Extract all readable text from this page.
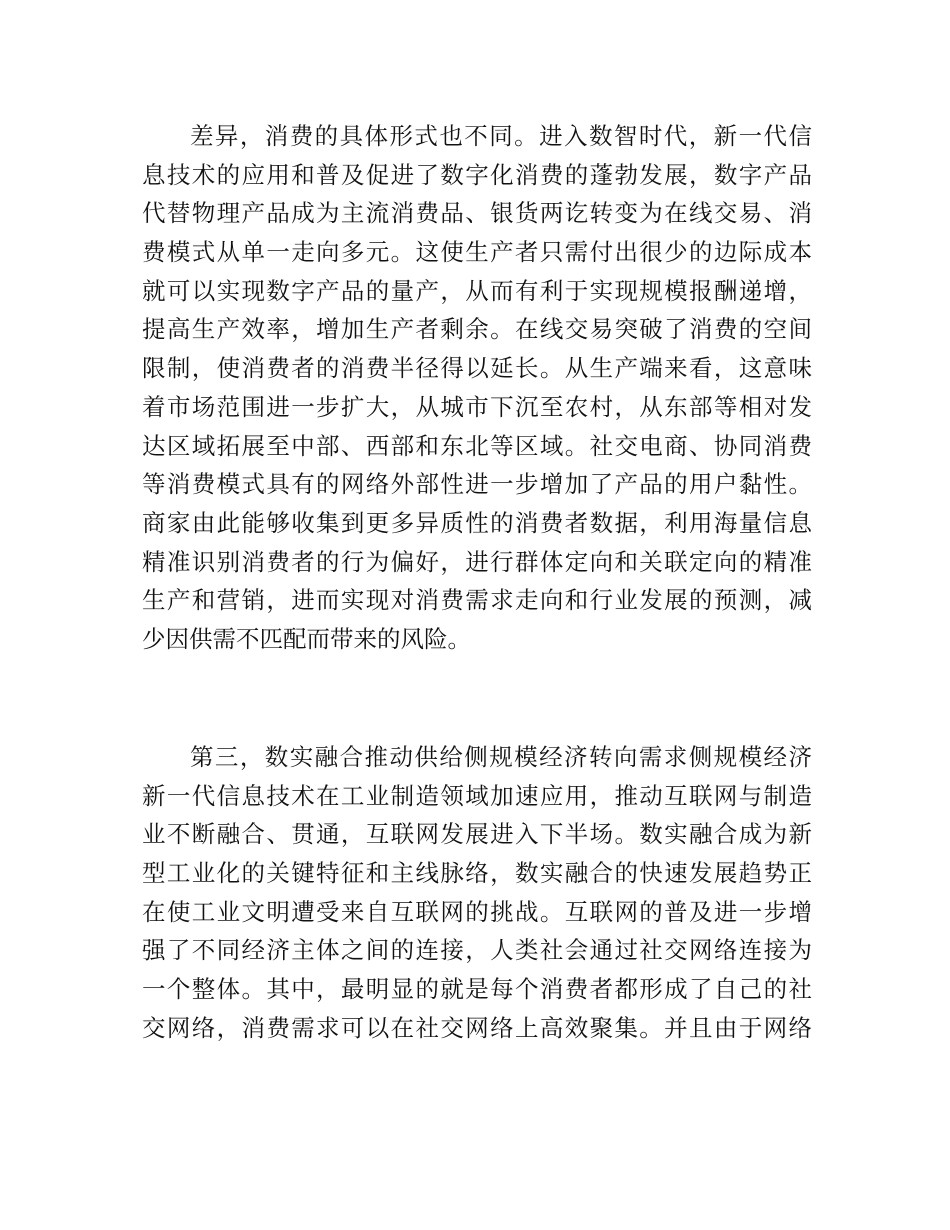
差异，消费的具体形式也不同。进入数智时代，新一代信
息技术的应用和普及促进了数字化消费的蓬勃发展，数字产品
代替物理产品成为主流消费品、银货两讫转变为在线交易、消
费模式从单一走向多元。这使生产者只需付出很少的边际成本
就可以实现数字产品的量产，从而有利于实现规模报酬递增，
提高生产效率，增加生产者剩余。在线交易突破了消费的空间
限制，使消费者的消费半径得以延长。从生产端来看，这意味
着市场范围进一步扩大，从城市下沉至农村，从东部等相对发
达区域拓展至中部、西部和东北等区域。社交电商、协同消费
等消费模式具有的网络外部性进一步增加了产品的用户黏性。
商家由此能够收集到更多异质性的消费者数据，利用海量信息
精准识别消费者的行为偏好，进行群体定向和关联定向的精准
生产和营销，进而实现对消费需求走向和行业发展的预测，减
少因供需不匹配而带来的风险。
第三，数实融合推动供给侧规模经济转向需求侧规模经济
新一代信息技术在工业制造领域加速应用，推动互联网与制造
业不断融合、贯通，互联网发展进入下半场。数实融合成为新
型工业化的关键特征和主线脉络，数实融合的快速发展趋势正
在使工业文明遭受来自互联网的挑战。互联网的普及进一步增
强了不同经济主体之间的连接，人类社会通过社交网络连接为
一个整体。其中，最明显的就是每个消费者都形成了自己的社
交网络，消费需求可以在社交网络上高效聚集。并且由于网络
